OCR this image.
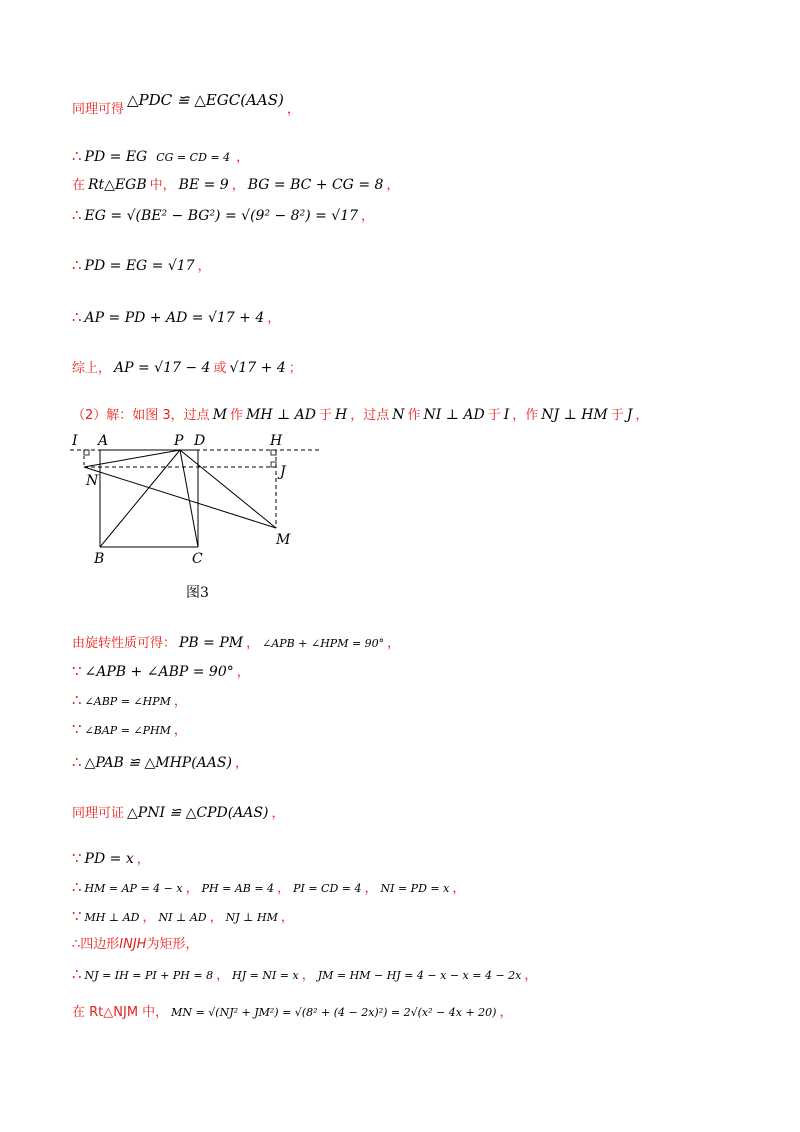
同理可得△PDC ≌ △EGC(AAS)，
∴ PD = EG CG = CD = 4 ，
在 Rt△EGB 中， BE = 9 ， BG = BC + CG = 8 ，
∴ EG = √(BE² − BG²) = √(9² − 8²) = √17 ，
∴ PD = EG = √17 ，
∴ AP = PD + AD = √17 + 4 ，
综上， AP = √17 − 4 或 √17 + 4 ；
（2）解：如图 3，过点 M 作 MH ⊥ AD 于 H ，过点 N 作 NI ⊥ AD 于 I ，作 NJ ⊥ HM 于 J ，
由旋转性质可得： PB = PM ， ∠APB + ∠HPM = 90° ，
∵ ∠APB + ∠ABP = 90° ，
∴ ∠ABP = ∠HPM ，
∵ ∠BAP = ∠PHM ，
∴ △PAB ≌ △MHP(AAS) ，
同理可证 △PNI ≌ △CPD(AAS) ，
∵ PD = x ，
∴ HM = AP = 4 − x ， PH = AB = 4 ， PI = CD = 4 ， NI = PD = x ，
∵ MH ⊥ AD ， NI ⊥ AD ， NJ ⊥ HM ，
∴四边形INJH为矩形，
∴ NJ = IH = PI + PH = 8 ， HJ = NI = x ， JM = HM − HJ = 4 − x − x = 4 − 2x ，
在 Rt△NJM 中， MN = √(NJ² + JM²) = √(8² + (4 − 2x)²) = 2√(x² − 4x + 20) ，
I A	P D	H
J
N
M
B	C
图3
